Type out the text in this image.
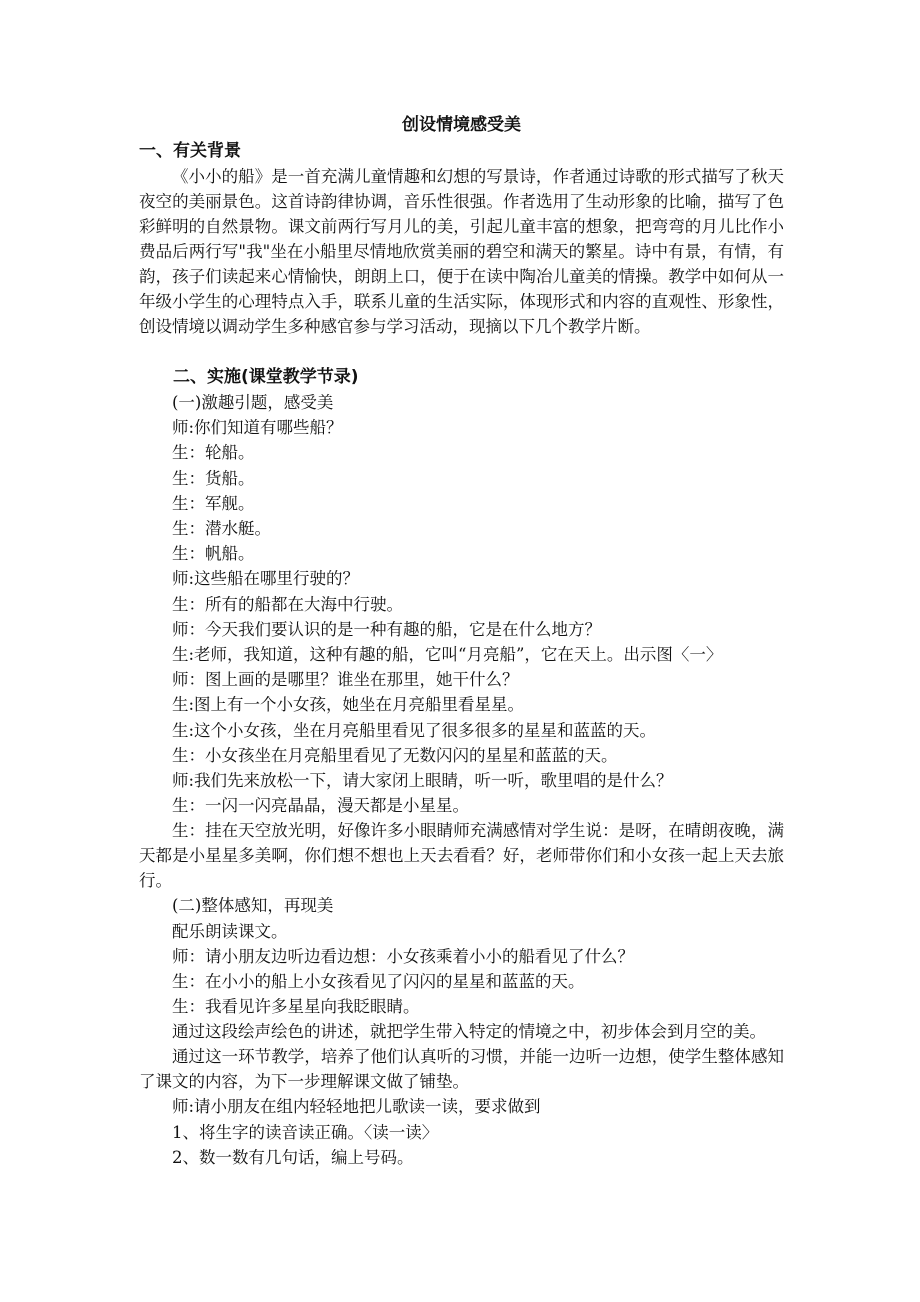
创设情境感受美

一、有关背景

《小小的船》是一首充满儿童情趣和幻想的写景诗，作者通过诗歌的形式描写了秋天夜空的美丽景色。这首诗韵律协调，音乐性很强。作者选用了生动形象的比喻，描写了色彩鲜明的自然景物。课文前两行写月儿的美，引起儿童丰富的想象，把弯弯的月儿比作小费品后两行写"我"坐在小船里尽情地欣赏美丽的碧空和满天的繁星。诗中有景，有情，有韵，孩子们读起来心情愉快，朗朗上口，便于在读中陶冶儿童美的情操。教学中如何从一年级小学生的心理特点入手，联系儿童的生活实际，体现形式和内容的直观性、形象性，创设情境以调动学生多种感官参与学习活动，现摘以下几个教学片断。

二、实施(课堂教学节录)

(一)激趣引题，感受美

师:你们知道有哪些船？

生：轮船。

生：货船。

生：军舰。

生：潜水艇。

生：帆船。

师:这些船在哪里行驶的？

生：所有的船都在大海中行驶。

师：今天我们要认识的是一种有趣的船，它是在什么地方？

生:老师，我知道，这种有趣的船，它叫“月亮船”，它在天上。出示图〈一〉

师：图上画的是哪里？谁坐在那里，她干什么？

生:图上有一个小女孩，她坐在月亮船里看星星。

生:这个小女孩，坐在月亮船里看见了很多很多的星星和蓝蓝的天。

生：小女孩坐在月亮船里看见了无数闪闪的星星和蓝蓝的天。

师:我们先来放松一下，请大家闭上眼睛，听一听，歌里唱的是什么？

生：一闪一闪亮晶晶，漫天都是小星星。

生：挂在天空放光明，好像许多小眼睛师充满感情对学生说：是呀，在晴朗夜晚，满天都是小星星多美啊，你们想不想也上天去看看？好，老师带你们和小女孩一起上天去旅行。

(二)整体感知，再现美

配乐朗读课文。

师：请小朋友边听边看边想：小女孩乘着小小的船看见了什么？

生：在小小的船上小女孩看见了闪闪的星星和蓝蓝的天。

生：我看见许多星星向我眨眼睛。

通过这段绘声绘色的讲述，就把学生带入特定的情境之中，初步体会到月空的美。

通过这一环节教学，培养了他们认真听的习惯，并能一边听一边想，使学生整体感知了课文的内容，为下一步理解课文做了铺垫。

师:请小朋友在组内轻轻地把儿歌读一读，要求做到

1、将生字的读音读正确。〈读一读〉

2、数一数有几句话，编上号码。
